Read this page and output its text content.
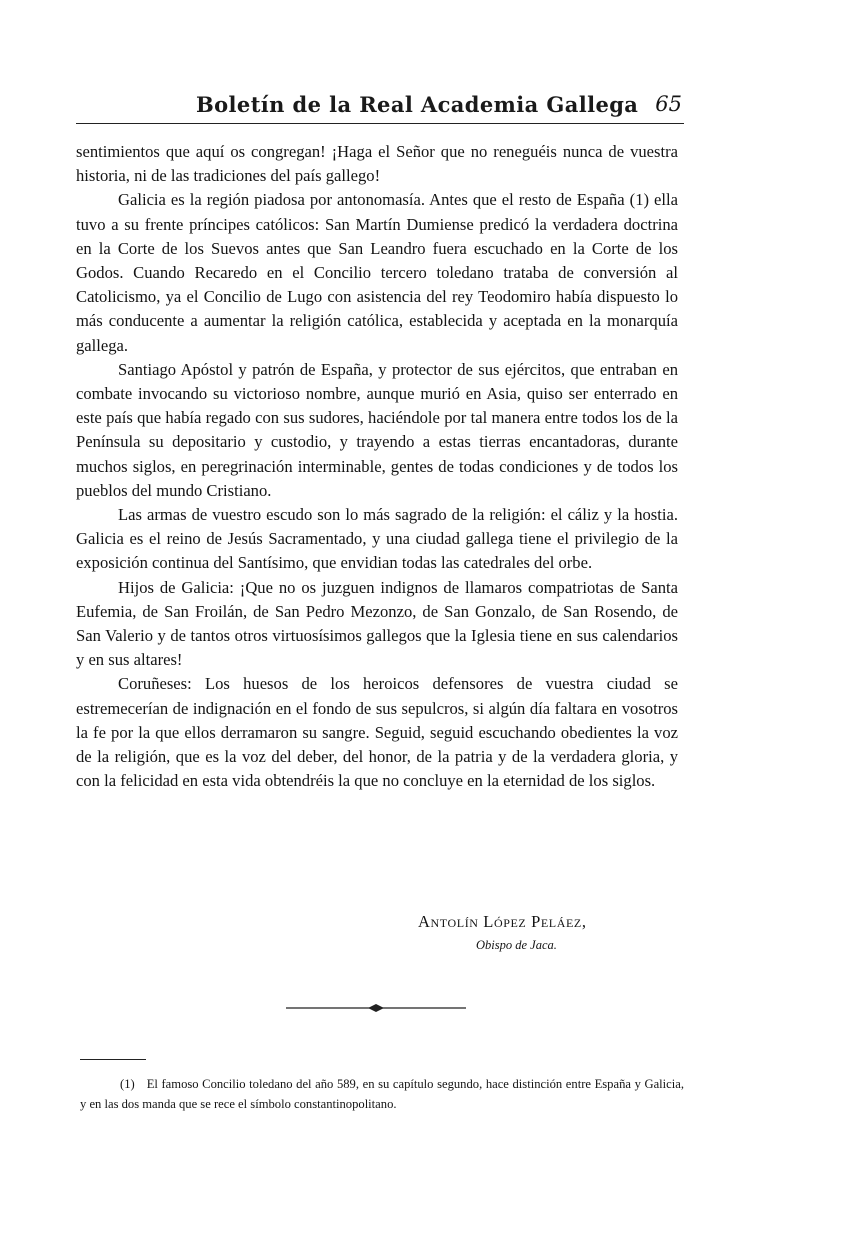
Boletín de la Real Academia Gallega 65

sentimientos que aquí os congregan! ¡Haga el Señor que no reneguéis nunca de vuestra historia, ni de las tradiciones del país gallego!

Galicia es la región piadosa por antonomasía. Antes que el resto de España (1) ella tuvo a su frente príncipes católicos: San Martín Dumiense predicó la verdadera doctrina en la Corte de los Suevos antes que San Leandro fuera escuchado en la Corte de los Godos. Cuando Recaredo en el Concilio tercero toledano trataba de conversión al Catolicismo, ya el Concilio de Lugo con asistencia del rey Teodomiro había dispuesto lo más conducente a aumentar la religión católica, establecida y aceptada en la monarquía gallega.

Santiago Apóstol y patrón de España, y protector de sus ejércitos, que entraban en combate invocando su victorioso nombre, aunque murió en Asia, quiso ser enterrado en este país que había regado con sus sudores, haciéndole por tal manera entre todos los de la Península su depositario y custodio, y trayendo a estas tierras encantadoras, durante muchos siglos, en peregrinación interminable, gentes de todas condiciones y de todos los pueblos del mundo Cristiano.

Las armas de vuestro escudo son lo más sagrado de la religión: el cáliz y la hostia. Galicia es el reino de Jesús Sacramentado, y una ciudad gallega tiene el privilegio de la exposición continua del Santísimo, que envidian todas las catedrales del orbe.

Hijos de Galicia: ¡Que no os juzguen indignos de llamaros compatriotas de Santa Eufemia, de San Froilán, de San Pedro Mezonzo, de San Gonzalo, de San Rosendo, de San Valerio y de tantos otros virtuosísimos gallegos que la Iglesia tiene en sus calendarios y en sus altares!

Coruñeses: Los huesos de los heroicos defensores de vuestra ciudad se estremecerían de indignación en el fondo de sus sepulcros, si algún día faltara en vosotros la fe por la que ellos derramaron su sangre. Seguid, seguid escuchando obedientes la voz de la religión, que es la voz del deber, del honor, de la patria y de la verdadera gloria, y con la felicidad en esta vida obtendréis la que no concluye en la eternidad de los siglos.

Antolín López Peláez,
Obispo de Jaca.

(1) El famoso Concilio toledano del año 589, en su capítulo segundo, hace distinción entre España y Galicia, y en las dos manda que se rece el símbolo constantinopolitano.
